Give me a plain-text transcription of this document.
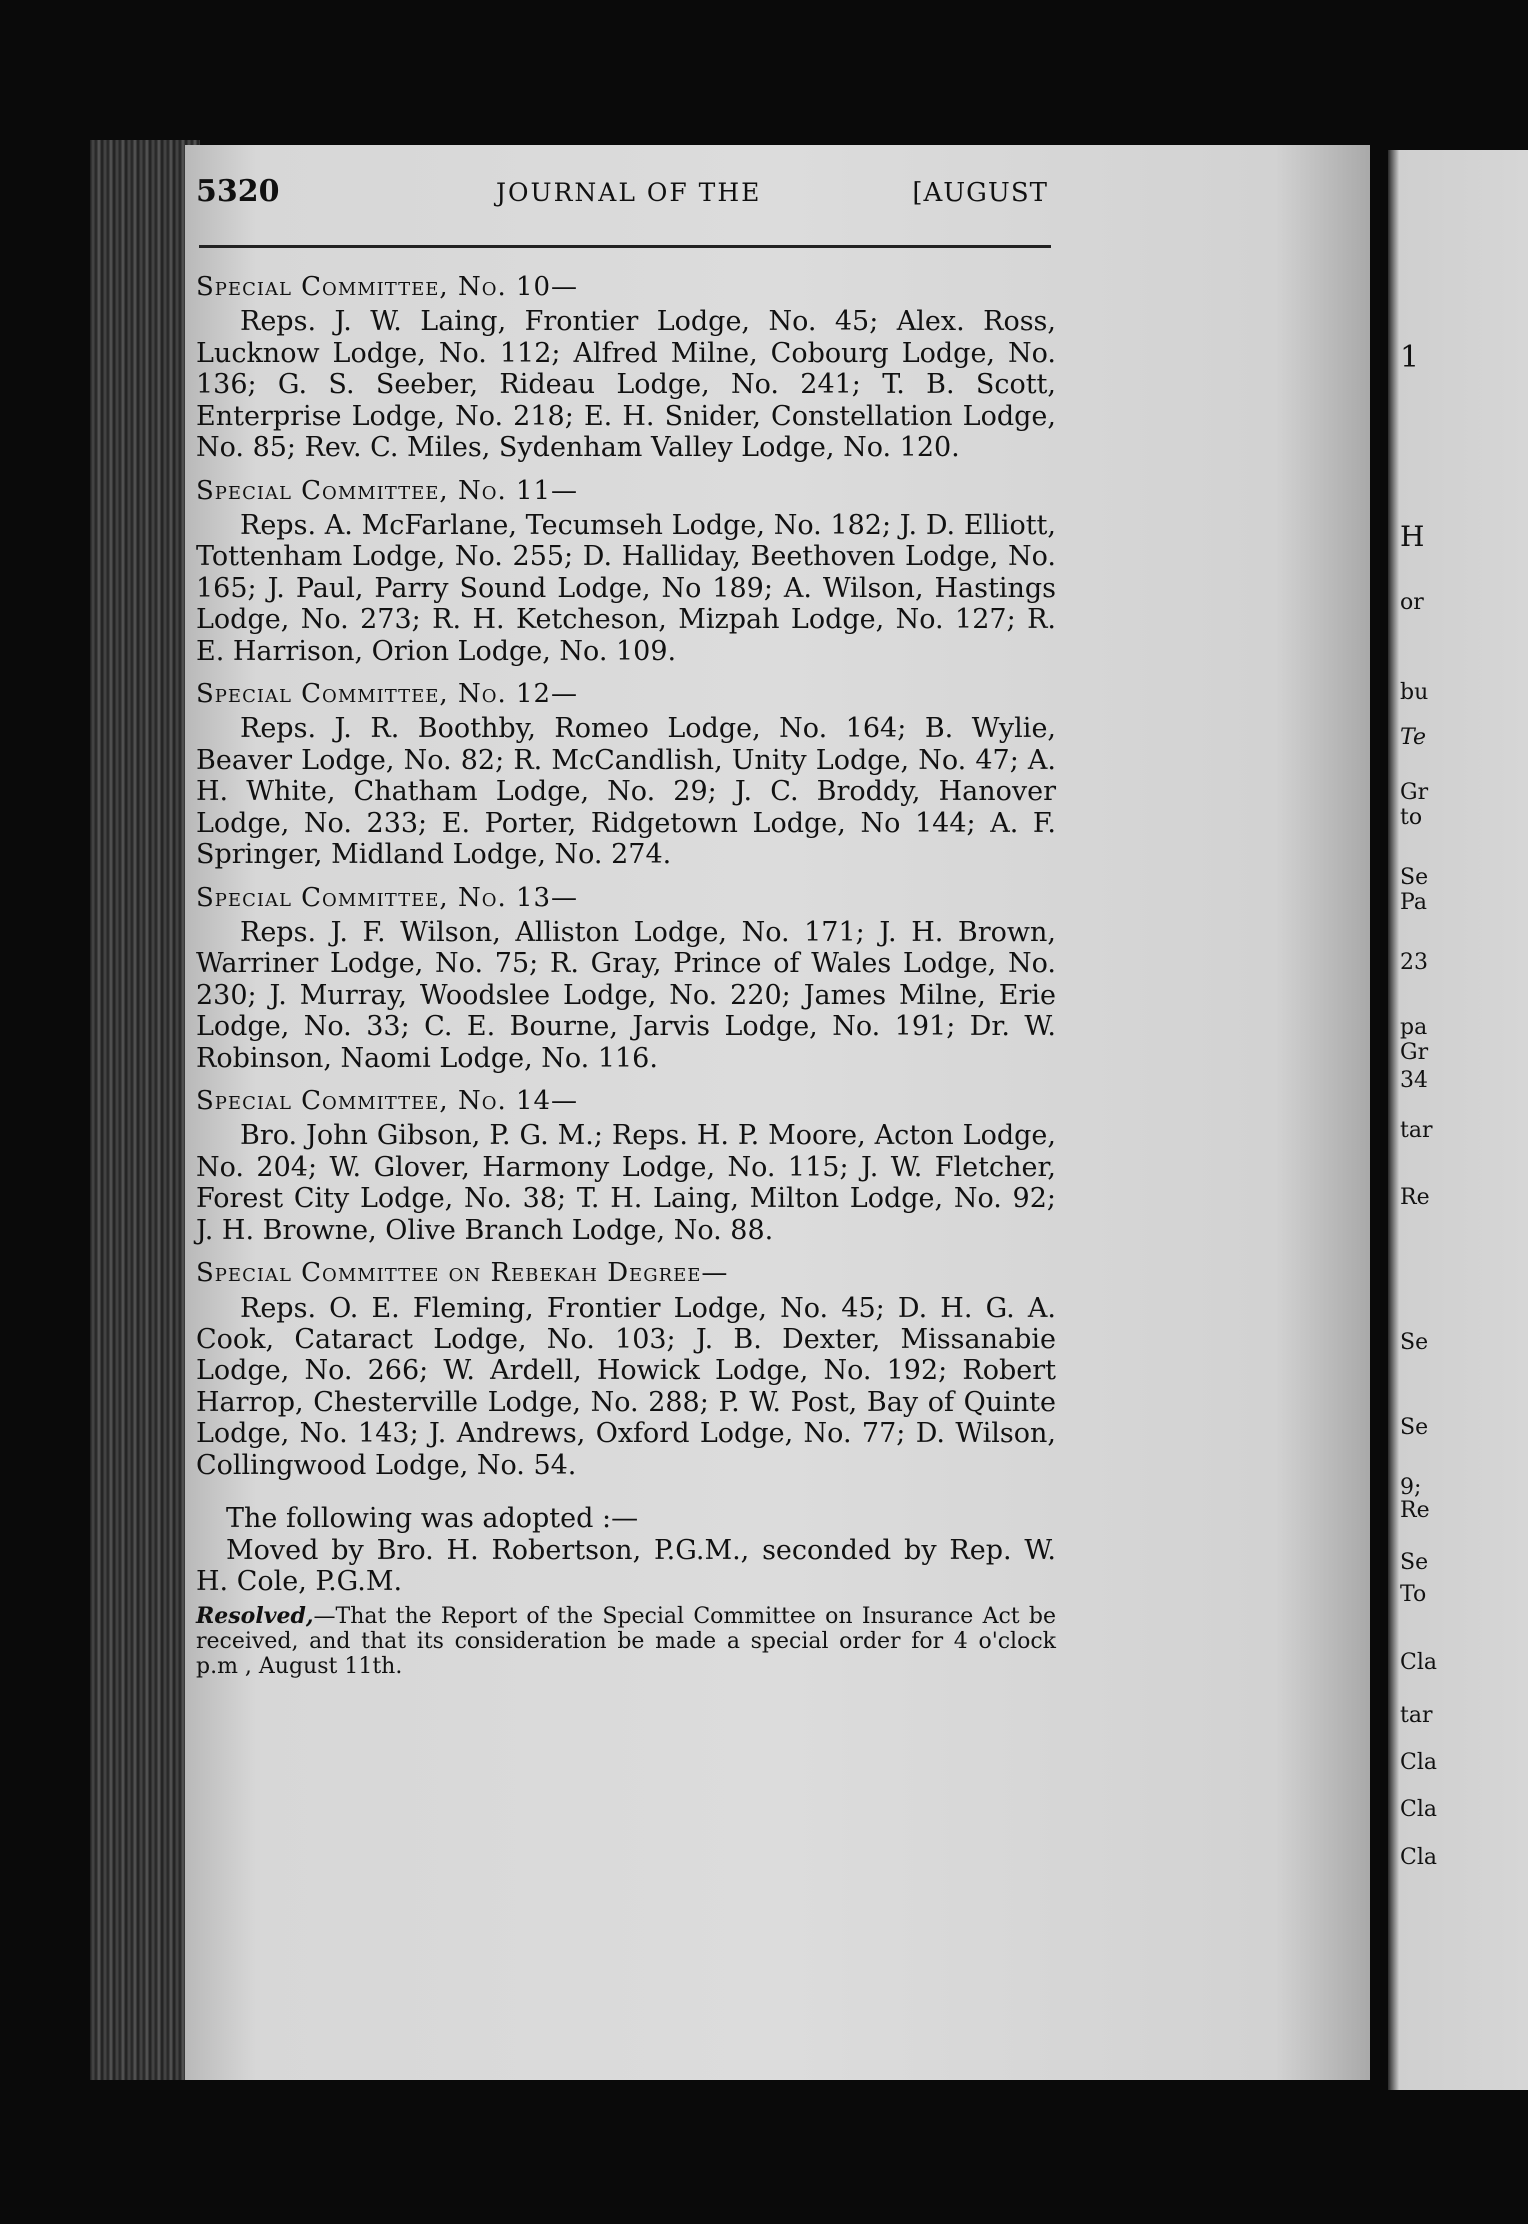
1
H
or
bu
Te
Gr
to
Se
Pa
23
pa
Gr
34
tar
Re
Se
Se
9;
Re
Se
To
Cla
tar
Cla
Cla
Cla
5320	JOURNAL OF THE	[AUGUST
Special Committee, No. 10—
Reps. J. W. Laing, Frontier Lodge, No. 45; Alex. Ross, Lucknow Lodge, No. 112; Alfred Milne, Cobourg Lodge, No. 136; G. S. Seeber, Rideau Lodge, No. 241; T. B. Scott, Enterprise Lodge, No. 218; E. H. Snider, Constellation Lodge, No. 85; Rev. C. Miles, Sydenham Valley Lodge, No. 120.
Special Committee, No. 11—
Reps. A. McFarlane, Tecumseh Lodge, No. 182; J. D. Elliott, Tottenham Lodge, No. 255; D. Halliday, Beethoven Lodge, No. 165; J. Paul, Parry Sound Lodge, No 189; A. Wilson, Hastings Lodge, No. 273; R. H. Ketcheson, Mizpah Lodge, No. 127; R. E. Harrison, Orion Lodge, No. 109.
Special Committee, No. 12—
Reps. J. R. Boothby, Romeo Lodge, No. 164; B. Wylie, Beaver Lodge, No. 82; R. McCandlish, Unity Lodge, No. 47; A. H. White, Chatham Lodge, No. 29; J. C. Broddy, Hanover Lodge, No. 233; E. Porter, Ridgetown Lodge, No 144; A. F. Springer, Midland Lodge, No. 274.
Special Committee, No. 13—
Reps. J. F. Wilson, Alliston Lodge, No. 171; J. H. Brown, Warriner Lodge, No. 75; R. Gray, Prince of Wales Lodge, No. 230; J. Murray, Woodslee Lodge, No. 220; James Milne, Erie Lodge, No. 33; C. E. Bourne, Jarvis Lodge, No. 191; Dr. W. Robinson, Naomi Lodge, No. 116.
Special Committee, No. 14—
Bro. John Gibson, P. G. M.; Reps. H. P. Moore, Acton Lodge, No. 204; W. Glover, Harmony Lodge, No. 115; J. W. Fletcher, Forest City Lodge, No. 38; T. H. Laing, Milton Lodge, No. 92; J. H. Browne, Olive Branch Lodge, No. 88.
Special Committee on Rebekah Degree—
Reps. O. E. Fleming, Frontier Lodge, No. 45; D. H. G. A. Cook, Cataract Lodge, No. 103; J. B. Dexter, Missanabie Lodge, No. 266; W. Ardell, Howick Lodge, No. 192; Robert Harrop, Chesterville Lodge, No. 288; P. W. Post, Bay of Quinte Lodge, No. 143; J. Andrews, Oxford Lodge, No. 77; D. Wilson, Collingwood Lodge, No. 54.
The following was adopted :—
Moved by Bro. H. Robertson, P.G.M., seconded by Rep. W. H. Cole, P.G.M.
Resolved,—That the Report of the Special Committee on Insurance Act be received, and that its consideration be made a special order for 4 o'clock p.m , August 11th.
